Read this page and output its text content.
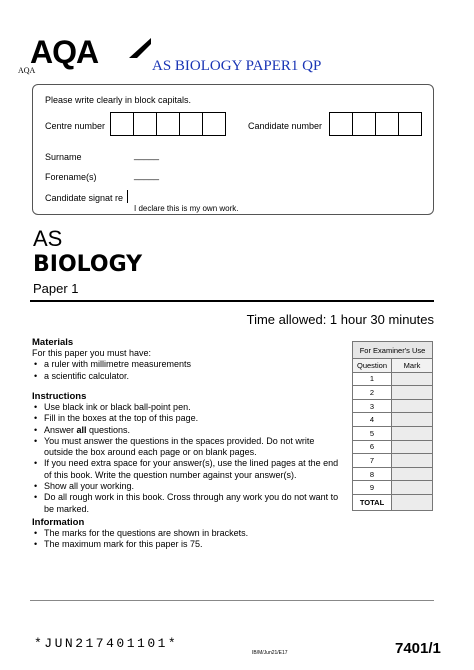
AQA
AQA	AS BIOLOGY PAPER1 QP
Please write clearly in block capitals.
Centre number	Candidate number
Surname	_____
Forename(s)	_____
Candidate signat re
I declare this is my own work.
AS
BIOLOGY
Paper 1
Time allowed: 1 hour 30 minutes
Materials
For this paper you must have:
• a ruler with millimetre measurements
• a scientific calculator.
Instructions
• Use black ink or black ball-point pen.
• Fill in the boxes at the top of this page.
• Answer all questions.
• You must answer the questions in the spaces provided. Do not write outside the box around each page or on blank pages.
• If you need extra space for your answer(s), use the lined pages at the end of this book. Write the question number against your answer(s).
• Show all your working.
• Do all rough work in this book. Cross through any work you do not want to be marked.
Information
• The marks for the questions are shown in brackets.
• The maximum mark for this paper is 75.
For Examiner's Use	
Question	Mark
1	
2	
3	
4	
5	
6	
7	
8	
9	
TOTAL	
*JUN217401101*
IB/M/Jun21/E17	7401/1
